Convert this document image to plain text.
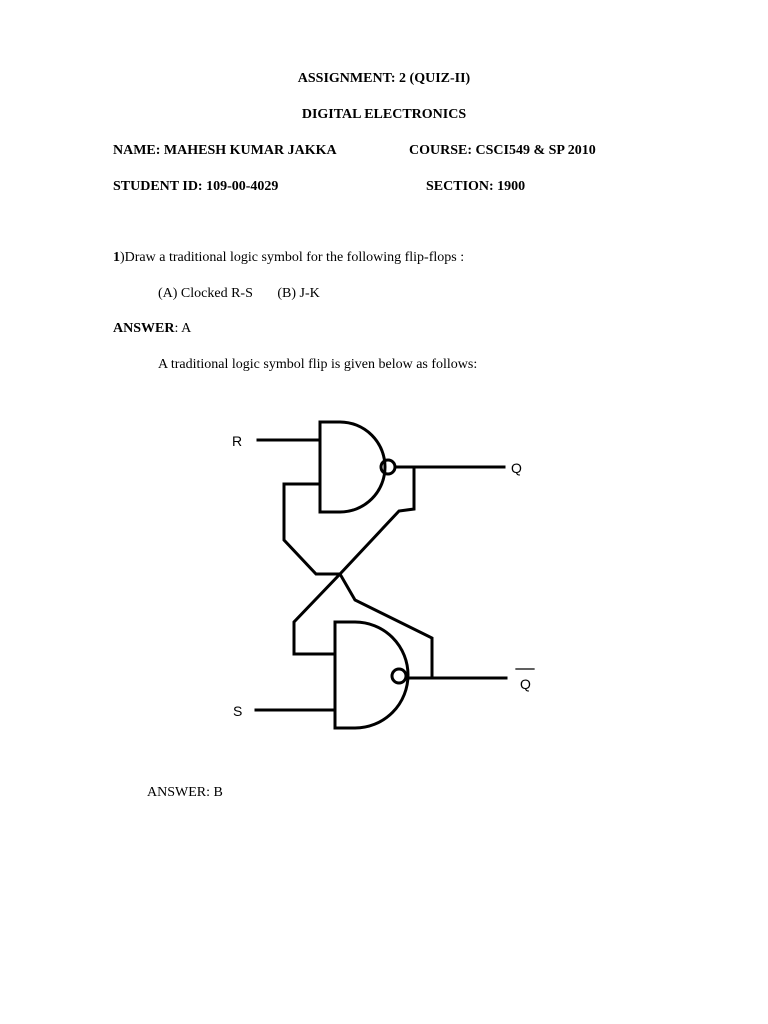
ASSIGNMENT: 2 (QUIZ-II)
DIGITAL ELECTRONICS
NAME: MAHESH KUMAR JAKKA	COURSE: CSCI549 & SP 2010
STUDENT ID: 109-00-4029	SECTION: 1900
1)Draw a traditional logic symbol for the following flip-flops :
(A) Clocked R-S       (B) J-K
ANSWER: A
A traditional logic symbol flip is given below as follows:
R
S
Q
Q
ANSWER: B
